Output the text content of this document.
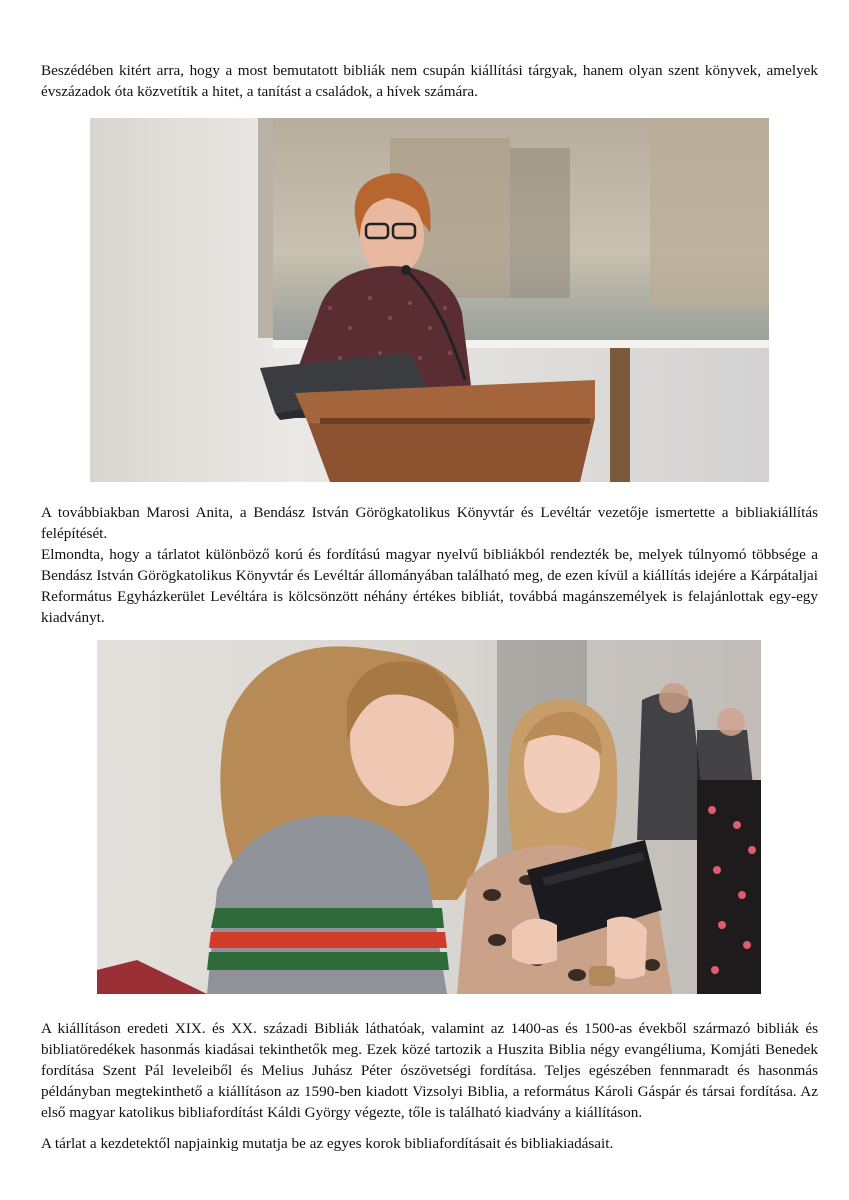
Beszédében kitért arra, hogy a most bemutatott bibliák nem csupán kiállítási tárgyak, hanem olyan szent könyvek, amelyek évszázadok óta közvetítik a hitet, a tanítást a családok, a hívek számára.

A továbbiakban Marosi Anita, a Bendász István Görögkatolikus Könyvtár és Levéltár vezetője ismertette a bibliakiállítás felépítését.

Elmondta, hogy a tárlatot különböző korú és fordítású magyar nyelvű bibliákból rendezték be, melyek túlnyomó többsége a Bendász István Görögkatolikus Könyvtár és Levéltár állományában található meg, de ezen kívül a kiállítás idejére a Kárpátaljai Református Egyházkerület Levéltára is kölcsönzött néhány értékes bibliát, továbbá magánszemélyek is felajánlottak egy-egy kiadványt.

A kiállításon eredeti XIX. és XX. századi Bibliák láthatóak, valamint az 1400-as és 1500-as évekből származó bibliák és bibliatöredékek hasonmás kiadásai tekinthetők meg. Ezek közé tartozik a Huszita Biblia négy evangéliuma, Komjáti Benedek fordítása Szent Pál leveleiből és Melius Juhász Péter ószövetségi fordítása. Teljes egészében fennmaradt és hasonmás példányban megtekinthető a kiállításon az 1590-ben kiadott Vizsolyi Biblia, a református Károli Gáspár és társai fordítása. Az első magyar katolikus bibliafordítást Káldi György végezte, tőle is található kiadvány a kiállításon.

A tárlat a kezdetektől napjainkig mutatja be az egyes korok bibliafordításait és bibliakiadásait.
